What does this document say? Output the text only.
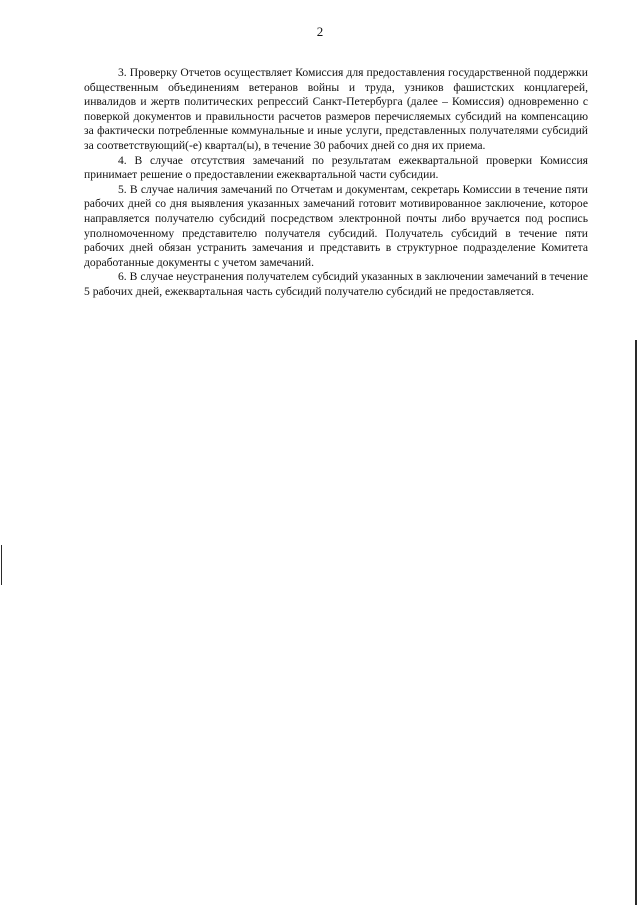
2

3. Проверку Отчетов осуществляет Комиссия для предоставления государственной поддержки общественным объединениям ветеранов войны и труда, узников фашистских концлагерей, инвалидов и жертв политических репрессий Санкт-Петербурга (далее – Комиссия) одновременно с поверкой документов и правильности расчетов размеров перечисляемых субсидий на компенсацию за фактически потребленные коммунальные и иные услуги, представленных получателями субсидий за соответствующий(-е) квартал(ы), в течение 30 рабочих дней со дня их приема.

4. В случае отсутствия замечаний по результатам ежеквартальной проверки Комиссия принимает решение о предоставлении ежеквартальной части субсидии.

5. В случае наличия замечаний по Отчетам и документам, секретарь Комиссии в течение пяти рабочих дней со дня выявления указанных замечаний готовит мотивированное заключение, которое направляется получателю субсидий посредством электронной почты либо вручается под роспись уполномоченному представителю получателя субсидий. Получатель субсидий в течение пяти рабочих дней обязан устранить замечания и представить в структурное подразделение Комитета доработанные документы с учетом замечаний.

6. В случае неустранения получателем субсидий указанных в заключении замечаний в течение 5 рабочих дней, ежеквартальная часть субсидий получателю субсидий не предоставляется.
